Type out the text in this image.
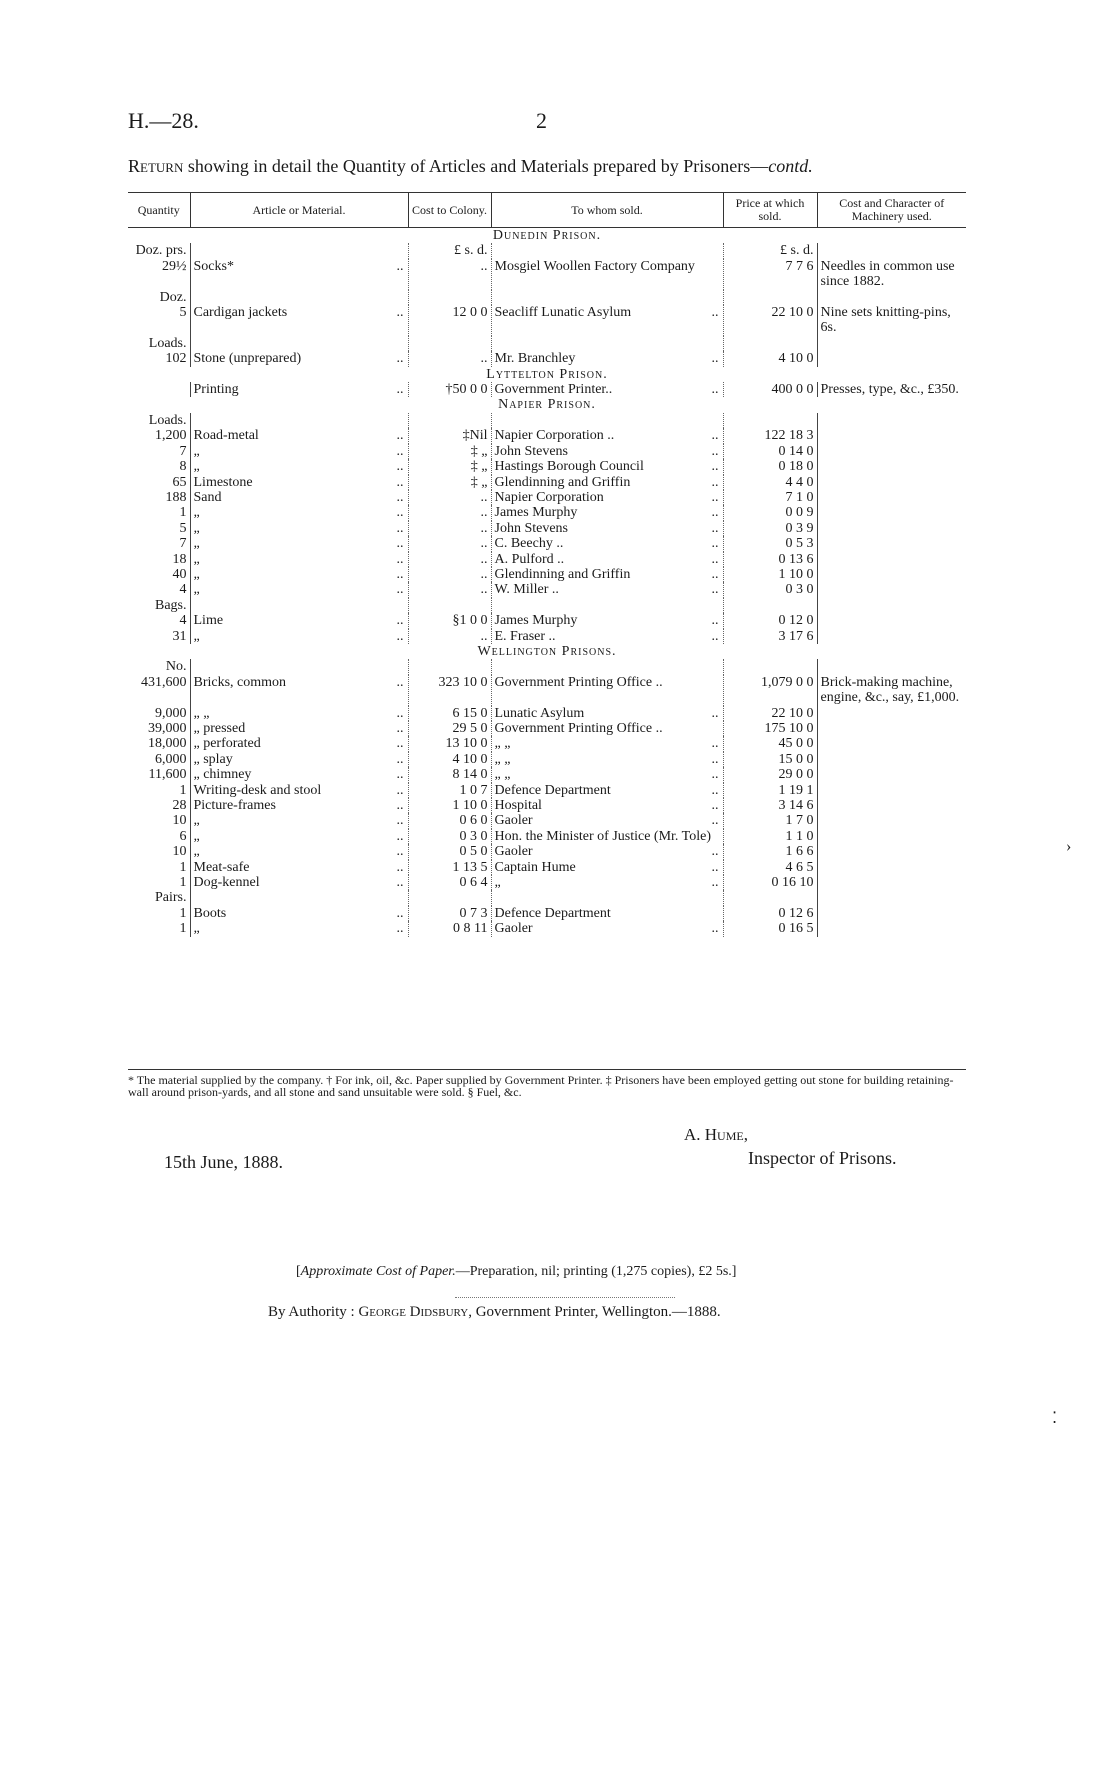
H.—28.	2
Return showing in detail the Quantity of Articles and Materials prepared by Prisoners—contd.
Quantity	Article or Material.	Cost to Colony.	To whom sold.	Price at which sold.	Cost and Character of Machinery used.
Dunedin Prison.					
Doz. prs.		£ s. d.		£ s. d.	

29½	Socks* ..	..	Mosgiel Woollen Factory Company	7 7 6	Needles in common use since 1882.

Doz.			

5	Cardigan jackets ..	12 0 0	Seacliff Lunatic Asylum ..	22 10 0	Nine sets knitting-pins, 6s.

Loads.			

102	Stone (unprepared) ..	..	Mr. Branchley ..	4 10 0	

Lyttelton Prison.					
	Printing ..	†50 0 0	Government Printer.. ..	400 0 0	Presses, type, &c., £350.

Napier Prison.					
Loads.			

1,200	Road-metal ..	‡Nil	Napier Corporation .. ..	122 18 3	

7	„ ..	‡ „	John Stevens ..	0 14 0	

8	„ ..	‡ „	Hastings Borough Council ..	0 18 0	

65	Limestone ..	‡ „	Glendinning and Griffin ..	4 4 0	

188	Sand ..	..	Napier Corporation ..	7 1 0	

1	„ ..	..	James Murphy ..	0 0 9	

5	„ ..	..	John Stevens ..	0 3 9	

7	„ ..	..	C. Beechy .. ..	0 5 3	

18	„ ..	..	A. Pulford .. ..	0 13 6	

40	„ ..	..	Glendinning and Griffin ..	1 10 0	

4	„ ..	..	W. Miller .. ..	0 3 0	

Bags.			

4	Lime ..	§1 0 0	James Murphy ..	0 12 0	

31	„ ..	..	E. Fraser .. ..	3 17 6	

Wellington Prisons.					
No.			

431,600	Bricks, common ..	323 10 0	Government Printing Office ..	1,079 0 0	Brick-making machine, engine, &c., say, £1,000.

9,000	„ „ ..	6 15 0	Lunatic Asylum ..	22 10 0	

39,000	„ pressed ..	29 5 0	Government Printing Office ..	175 10 0	

18,000	„ perforated ..	13 10 0	„ „ ..	45 0 0	

6,000	„ splay ..	4 10 0	„ „ ..	15 0 0	

11,600	„ chimney ..	8 14 0	„ „ ..	29 0 0	

1	Writing-desk and stool ..	1 0 7	Defence Department ..	1 19 1	

28	Picture-frames ..	1 10 0	Hospital ..	3 14 6	

10	„ ..	0 6 0	Gaoler ..	1 7 0	

6	„ ..	0 3 0	Hon. the Minister of Justice (Mr. Tole)	1 1 0	

10	„ ..	0 5 0	Gaoler ..	1 6 6	

1	Meat-safe ..	1 13 5	Captain Hume ..	4 6 5	

1	Dog-kennel ..	0 6 4	„ ..	0 16 10	

Pairs.			

1	Boots ..	0 7 3	Defence Department	0 12 6	

1	„ ..	0 8 11	Gaoler ..	0 16 5	
* The material supplied by the company. † For ink, oil, &c. Paper supplied by Government Printer. ‡ Prisoners have been employed getting out stone for building retaining-wall around prison-yards, and all stone and sand unsuitable were sold. § Fuel, &c.
15th June, 1888.
A. Hume,
Inspector of Prisons.
[Approximate Cost of Paper.—Preparation, nil; printing (1,275 copies), £2 5s.]
By Authority : George Didsbury, Government Printer, Wellington.—1888.
›
⁚
